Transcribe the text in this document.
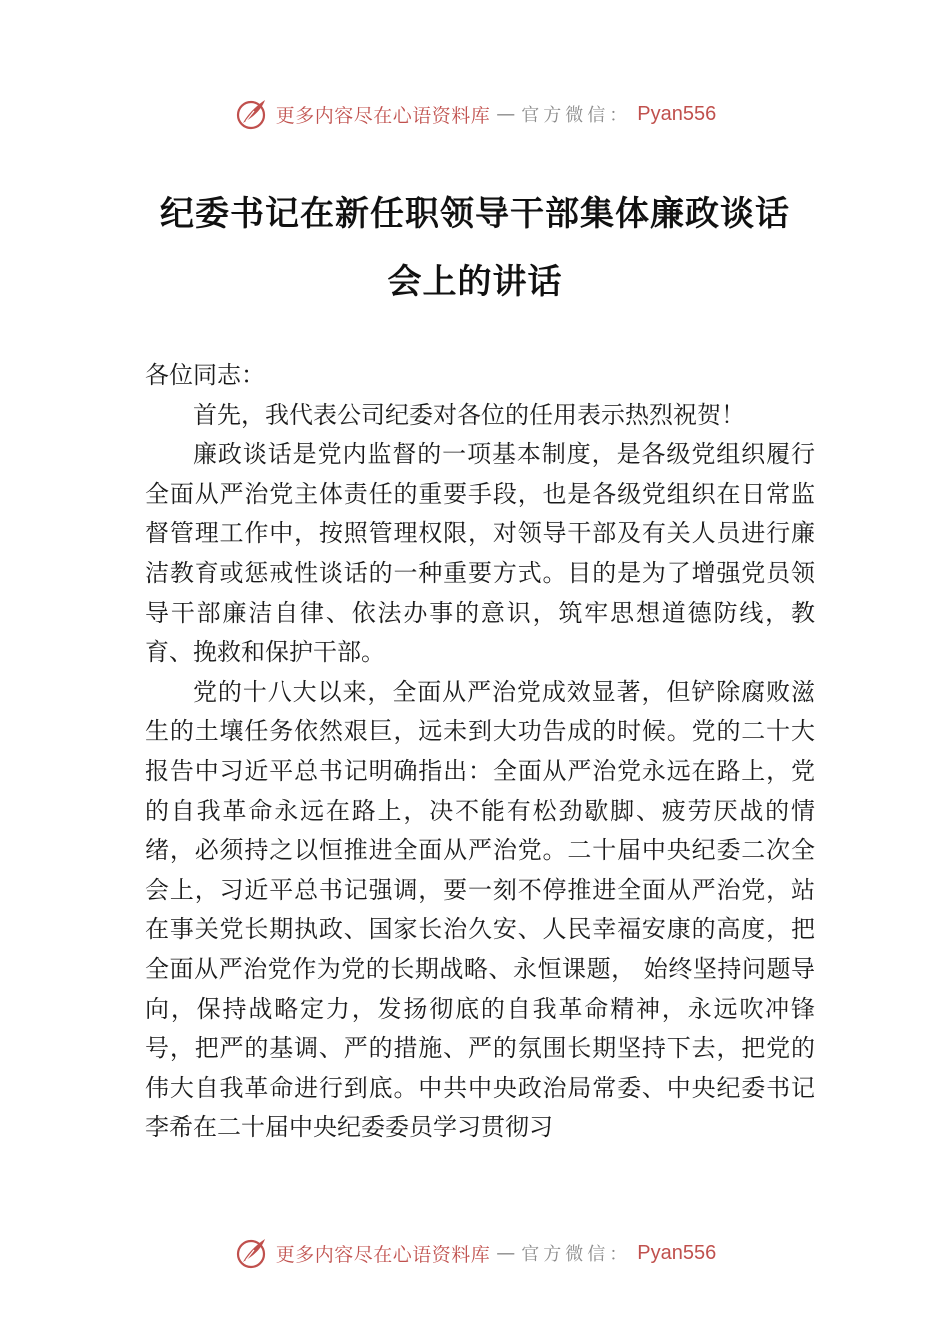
更多内容尽在心语资料库 — 官方微信： Pyan556
纪委书记在新任职领导干部集体廉政谈话
会上的讲话

各位同志：

首先，我代表公司纪委对各位的任用表示热烈祝贺！

廉政谈话是党内监督的一项基本制度，是各级党组织履行全面从严治党主体责任的重要手段，也是各级党组织在日常监督管理工作中，按照管理权限，对领导干部及有关人员进行廉洁教育或惩戒性谈话的一种重要方式。目的是为了增强党员领导干部廉洁自律、依法办事的意识，筑牢思想道德防线，教育、挽救和保护干部。

党的十八大以来，全面从严治党成效显著，但铲除腐败滋生的土壤任务依然艰巨，远未到大功告成的时候。党的二十大报告中习近平总书记明确指出：全面从严治党永远在路上，党的自我革命永远在路上，决不能有松劲歇脚、疲劳厌战的情绪，必须持之以恒推进全面从严治党。二十届中央纪委二次全会上，习近平总书记强调，要一刻不停推进全面从严治党，站在事关党长期执政、国家长治久安、人民幸福安康的高度，把全面从严治党作为党的长期战略、永恒课题， 始终坚持问题导向，保持战略定力，发扬彻底的自我革命精神，永远吹冲锋号，把严的基调、严的措施、严的氛围长期坚持下去，把党的伟大自我革命进行到底。中共中央政治局常委、中央纪委书记李希在二十届中央纪委委员学习贯彻习

更多内容尽在心语资料库 — 官方微信： Pyan556
